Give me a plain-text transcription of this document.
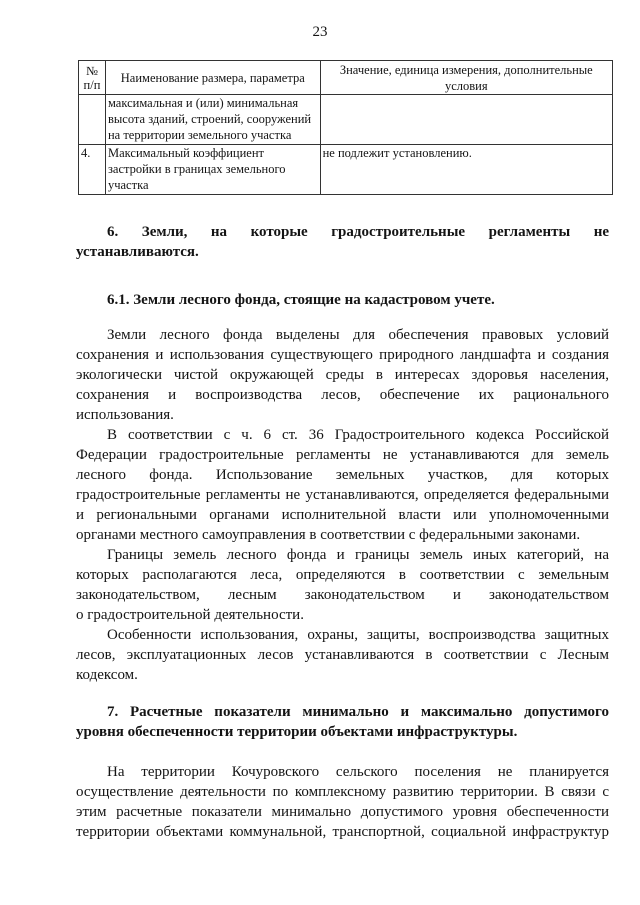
23
№
п/п	Наименование размера, параметра	Значение, единица измерения, дополнительные условия
	максимальная и (или) минимальная высота зданий, строений, сооружений на территории земельного участка	
4.	Максимальный коэффициент застройки в границах земельного участка	не подлежит установлению.
6. Земли, на которые градостроительные регламенты не
устанавливаются.
6.1. Земли лесного фонда, стоящие на кадастровом учете.
Земли лесного фонда выделены для обеспечения правовых условий
сохранения и использования существующего природного ландшафта и создания
экологически чистой окружающей среды в интересах здоровья населения,
сохранения и воспроизводства лесов, обеспечение их рационального
использования.
В соответствии с ч. 6 ст. 36 Градостроительного кодекса Российской
Федерации градостроительные регламенты не устанавливаются для земель
лесного фонда. Использование земельных участков, для которых
градостроительные регламенты не устанавливаются, определяется федеральными
и региональными органами исполнительной власти или уполномоченными
органами местного самоуправления в соответствии с федеральными законами.
Границы земель лесного фонда и границы земель иных категорий, на
которых располагаются леса, определяются в соответствии с земельным
законодательством, лесным законодательством и законодательством
о градостроительной деятельности.
Особенности использования, охраны, защиты, воспроизводства защитных
лесов, эксплуатационных лесов устанавливаются в соответствии с Лесным
кодексом.
7. Расчетные показатели минимально и максимально допустимого
уровня обеспеченности территории объектами инфраструктуры.
На территории Кочуровского сельского поселения не планируется
осуществление деятельности по комплексному развитию территории. В связи с
этим расчетные показатели минимально допустимого уровня обеспеченности
территории объектами коммунальной, транспортной, социальной инфраструктур
